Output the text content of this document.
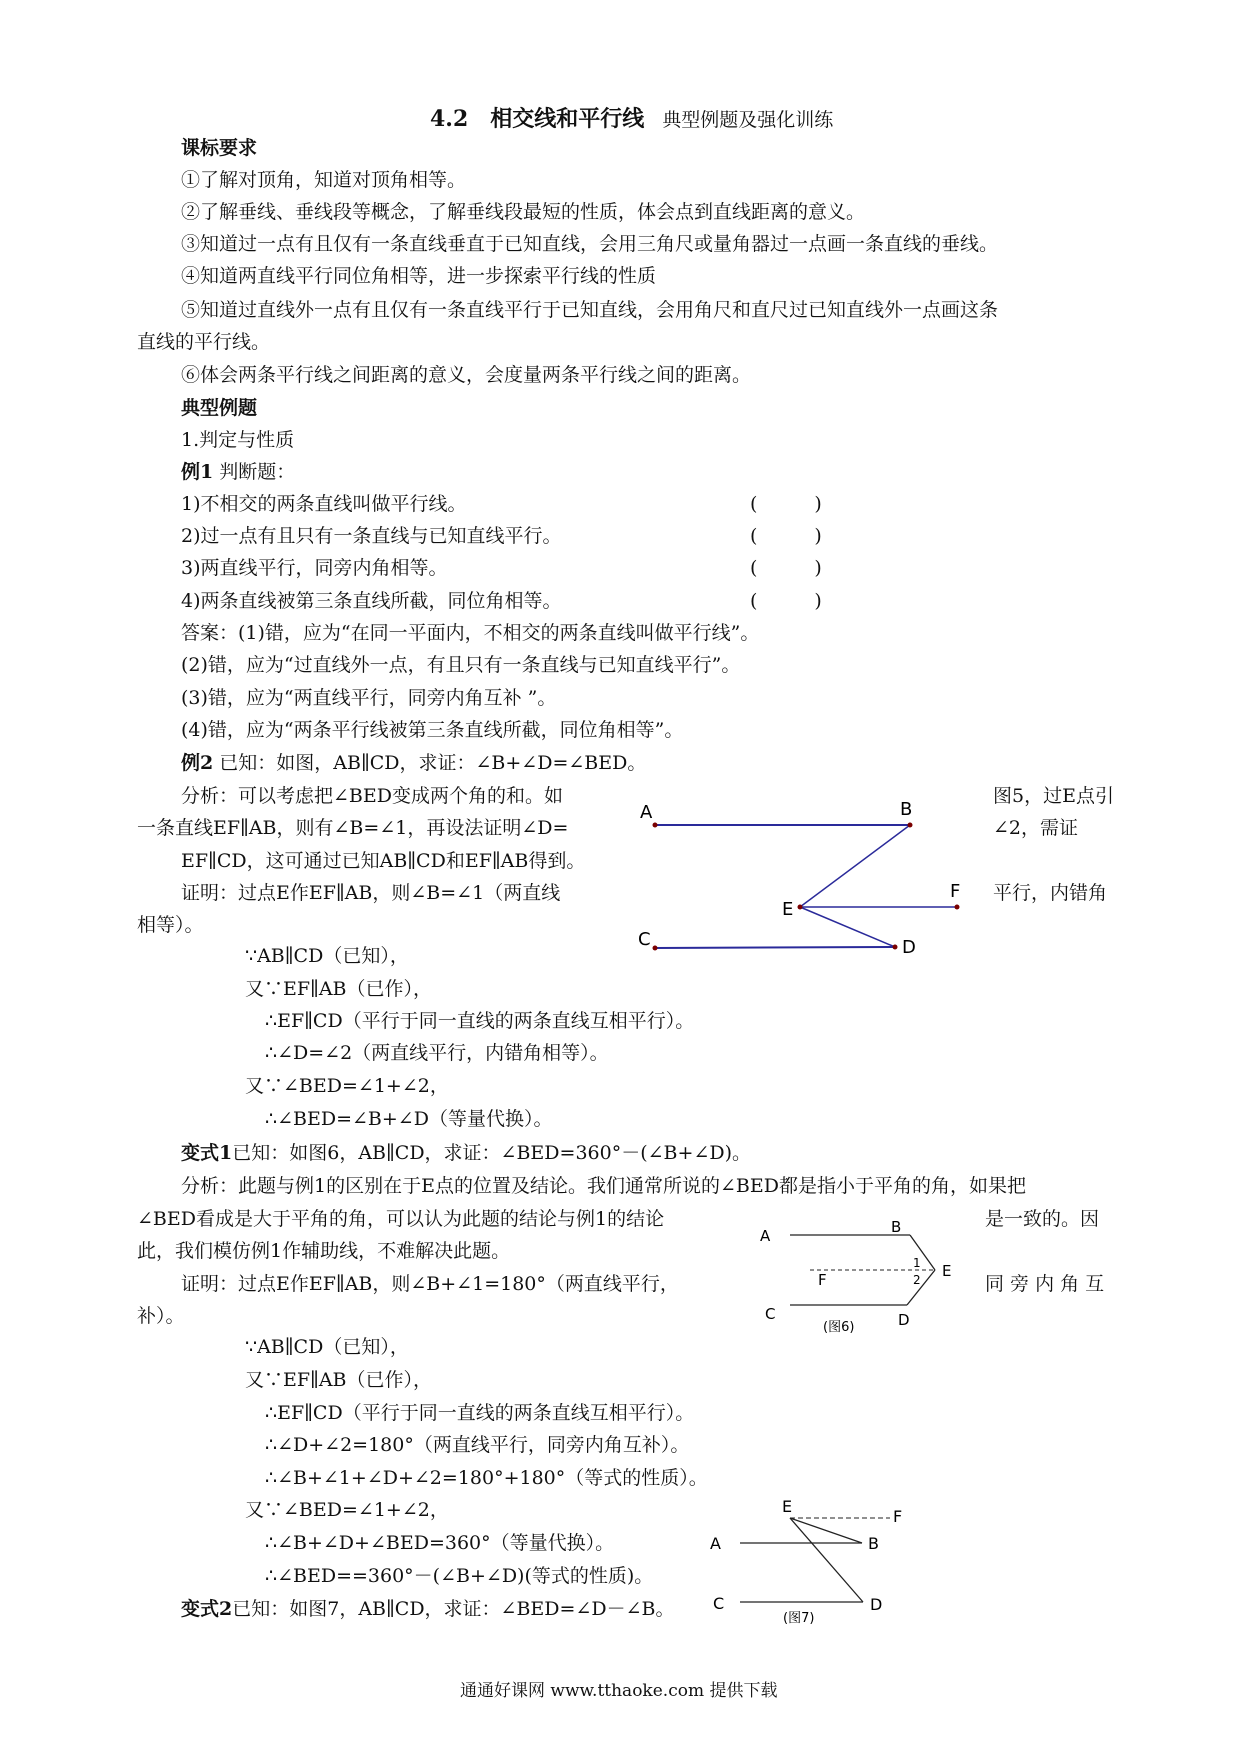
4.2　相交线和平行线 典型例题及强化训练
课标要求
①了解对顶角，知道对顶角相等。
②了解垂线、垂线段等概念，了解垂线段最短的性质，体会点到直线距离的意义。
③知道过一点有且仅有一条直线垂直于已知直线，会用三角尺或量角器过一点画一条直线的垂线。
④知道两直线平行同位角相等，进一步探索平行线的性质
⑤知道过直线外一点有且仅有一条直线平行于已知直线，会用角尺和直尺过已知直线外一点画这条
直线的平行线。
⑥体会两条平行线之间距离的意义，会度量两条平行线之间的距离。
典型例题
1.判定与性质
例1 判断题：
1)不相交的两条直线叫做平行线。	(　　　)
2)过一点有且只有一条直线与已知直线平行。	(　　　)
3)两直线平行，同旁内角相等。	(　　　)
4)两条直线被第三条直线所截，同位角相等。	(　　　)
答案：(1)错，应为“在同一平面内，不相交的两条直线叫做平行线”。
(2)错，应为“过直线外一点，有且只有一条直线与已知直线平行”。
(3)错，应为“两直线平行，同旁内角互补 ”。
(4)错，应为“两条平行线被第三条直线所截，同位角相等”。
例2 已知：如图，AB∥CD，求证：∠B+∠D=∠BED。
分析：可以考虑把∠BED变成两个角的和。如
一条直线EF∥AB，则有∠B=∠1，再设法证明∠D=
EF∥CD，这可通过已知AB∥CD和EF∥AB得到。
证明：过点E作EF∥AB，则∠B=∠1（两直线
相等）。
图5，过E点引
∠2，需证
平行，内错角
∵AB∥CD（已知），
又∵EF∥AB（已作），
∴EF∥CD（平行于同一直线的两条直线互相平行）。
∴∠D=∠2（两直线平行，内错角相等）。
又∵∠BED=∠1+∠2，
∴∠BED=∠B+∠D（等量代换）。
A	B
E
F
C	D
变式1已知：如图6，AB∥CD，求证：∠BED=360°－(∠B+∠D)。
分析：此题与例1的区别在于E点的位置及结论。我们通常所说的∠BED都是指小于平角的角，如果把
∠BED看成是大于平角的角，可以认为此题的结论与例1的结论
此，我们模仿例1作辅助线，不难解决此题。
证明：过点E作EF∥AB，则∠B+∠1=180°（两直线平行，
补）。
是一致的。因
同 旁 内 角 互
∵AB∥CD（已知），
又∵EF∥AB（已作），
∴EF∥CD（平行于同一直线的两条直线互相平行）。
∴∠D+∠2=180°（两直线平行，同旁内角互补）。
∴∠B+∠1+∠D+∠2=180°+180°（等式的性质）。
又∵∠BED=∠1+∠2，
∴∠B+∠D+∠BED=360°（等量代换）。
∴∠BED==360°－(∠B+∠D)(等式的性质)。
A	B
E
F
C	D
1
2
(图6)
变式2已知：如图7，AB∥CD，求证：∠BED=∠D－∠B。
E
F
A	B
C	D
(图7)
通通好课网 www.tthaoke.com 提供下载
